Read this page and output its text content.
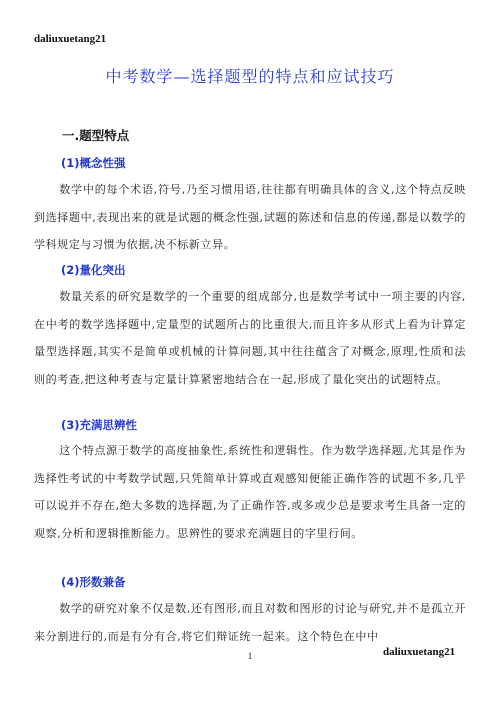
daliuxuetang21
中考数学—选择题型的特点和应试技巧
一.题型特点
(1)概念性强
数学中的每个术语,符号,乃至习惯用语,往往都有明确具体的含义,这个特点反映到选择题中,表现出来的就是试题的概念性强,试题的陈述和信息的传递,都是以数学的学科规定与习惯为依据,决不标新立异。
(2)量化突出
数量关系的研究是数学的一个重要的组成部分,也是数学考试中一项主要的内容,在中考的数学选择题中,定量型的试题所占的比重很大,而且许多从形式上看为计算定量型选择题,其实不是简单或机械的计算问题,其中往往蕴含了对概念,原理,性质和法则的考查,把这种考查与定量计算紧密地结合在一起,形成了量化突出的试题特点。
(3)充满思辨性
这个特点源于数学的高度抽象性,系统性和逻辑性。作为数学选择题,尤其是作为选择性考试的中考数学试题,只凭简单计算或直观感知便能正确作答的试题不多,几乎可以说并不存在,绝大多数的选择题,为了正确作答,或多或少总是要求考生具备一定的观察,分析和逻辑推断能力。思辨性的要求充满题目的字里行间。
(4)形数兼备
数学的研究对象不仅是数,还有图形,而且对数和图形的讨论与研究,并不是孤立开来分割进行的,而是有分有合,将它们辩证统一起来。这个特色在中中
1	daliuxuetang21
